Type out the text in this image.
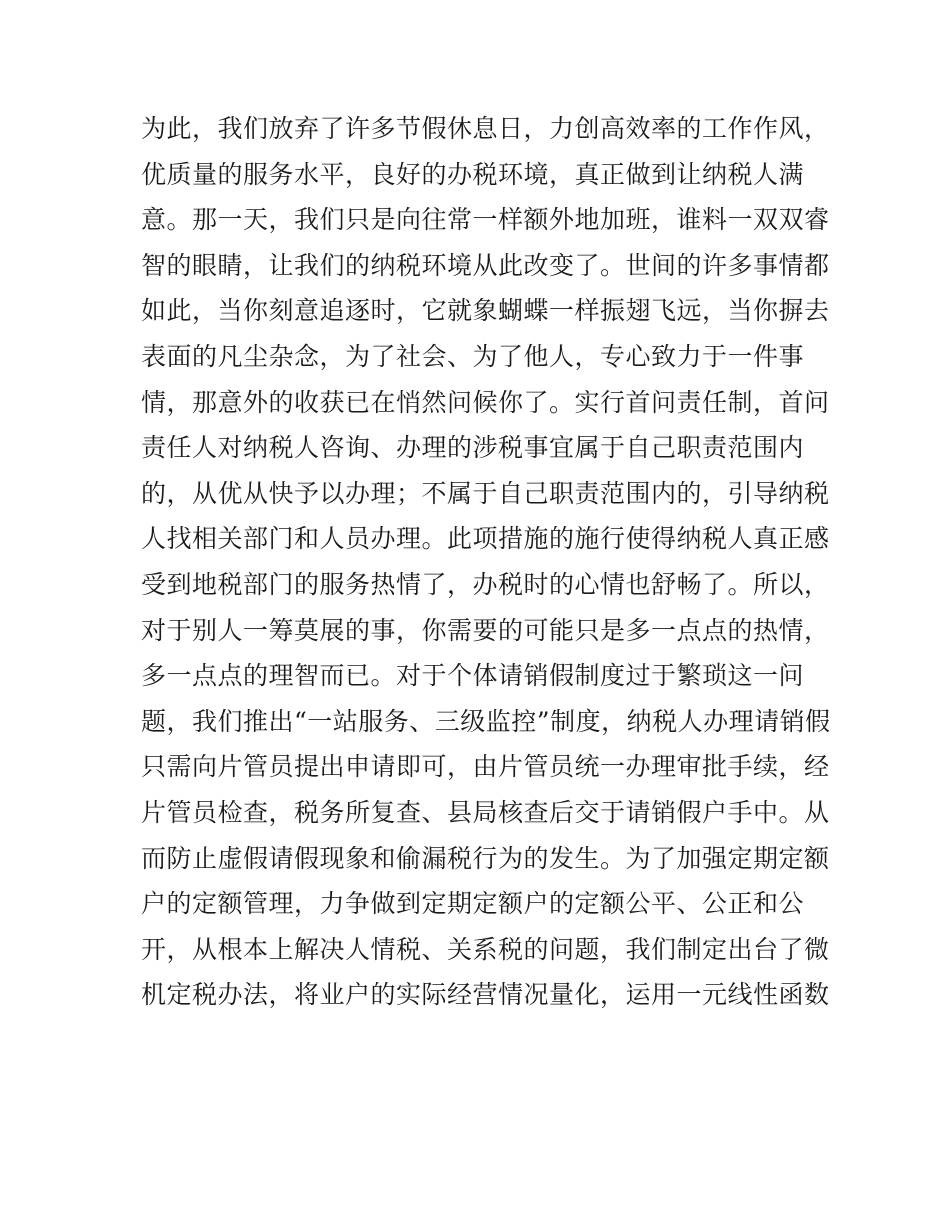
为此，我们放弃了许多节假休息日，力创高效率的工作作风，
优质量的服务水平，良好的办税环境，真正做到让纳税人满
意。那一天，我们只是向往常一样额外地加班，谁料一双双睿
智的眼睛，让我们的纳税环境从此改变了。世间的许多事情都
如此，当你刻意追逐时，它就象蝴蝶一样振翅飞远，当你摒去
表面的凡尘杂念，为了社会、为了他人，专心致力于一件事
情，那意外的收获已在悄然问候你了。实行首问责任制，首问
责任人对纳税人咨询、办理的涉税事宜属于自己职责范围内
的，从优从快予以办理；不属于自己职责范围内的，引导纳税
人找相关部门和人员办理。此项措施的施行使得纳税人真正感
受到地税部门的服务热情了，办税时的心情也舒畅了。所以，
对于别人一筹莫展的事，你需要的可能只是多一点点的热情，
多一点点的理智而已。对于个体请销假制度过于繁琐这一问
题，我们推出“一站服务、三级监控”制度，纳税人办理请销假
只需向片管员提出申请即可，由片管员统一办理审批手续，经
片管员检查，税务所复查、县局核查后交于请销假户手中。从
而防止虚假请假现象和偷漏税行为的发生。为了加强定期定额
户的定额管理，力争做到定期定额户的定额公平、公正和公
开，从根本上解决人情税、关系税的问题，我们制定出台了微
机定税办法，将业户的实际经营情况量化，运用一元线性函数
